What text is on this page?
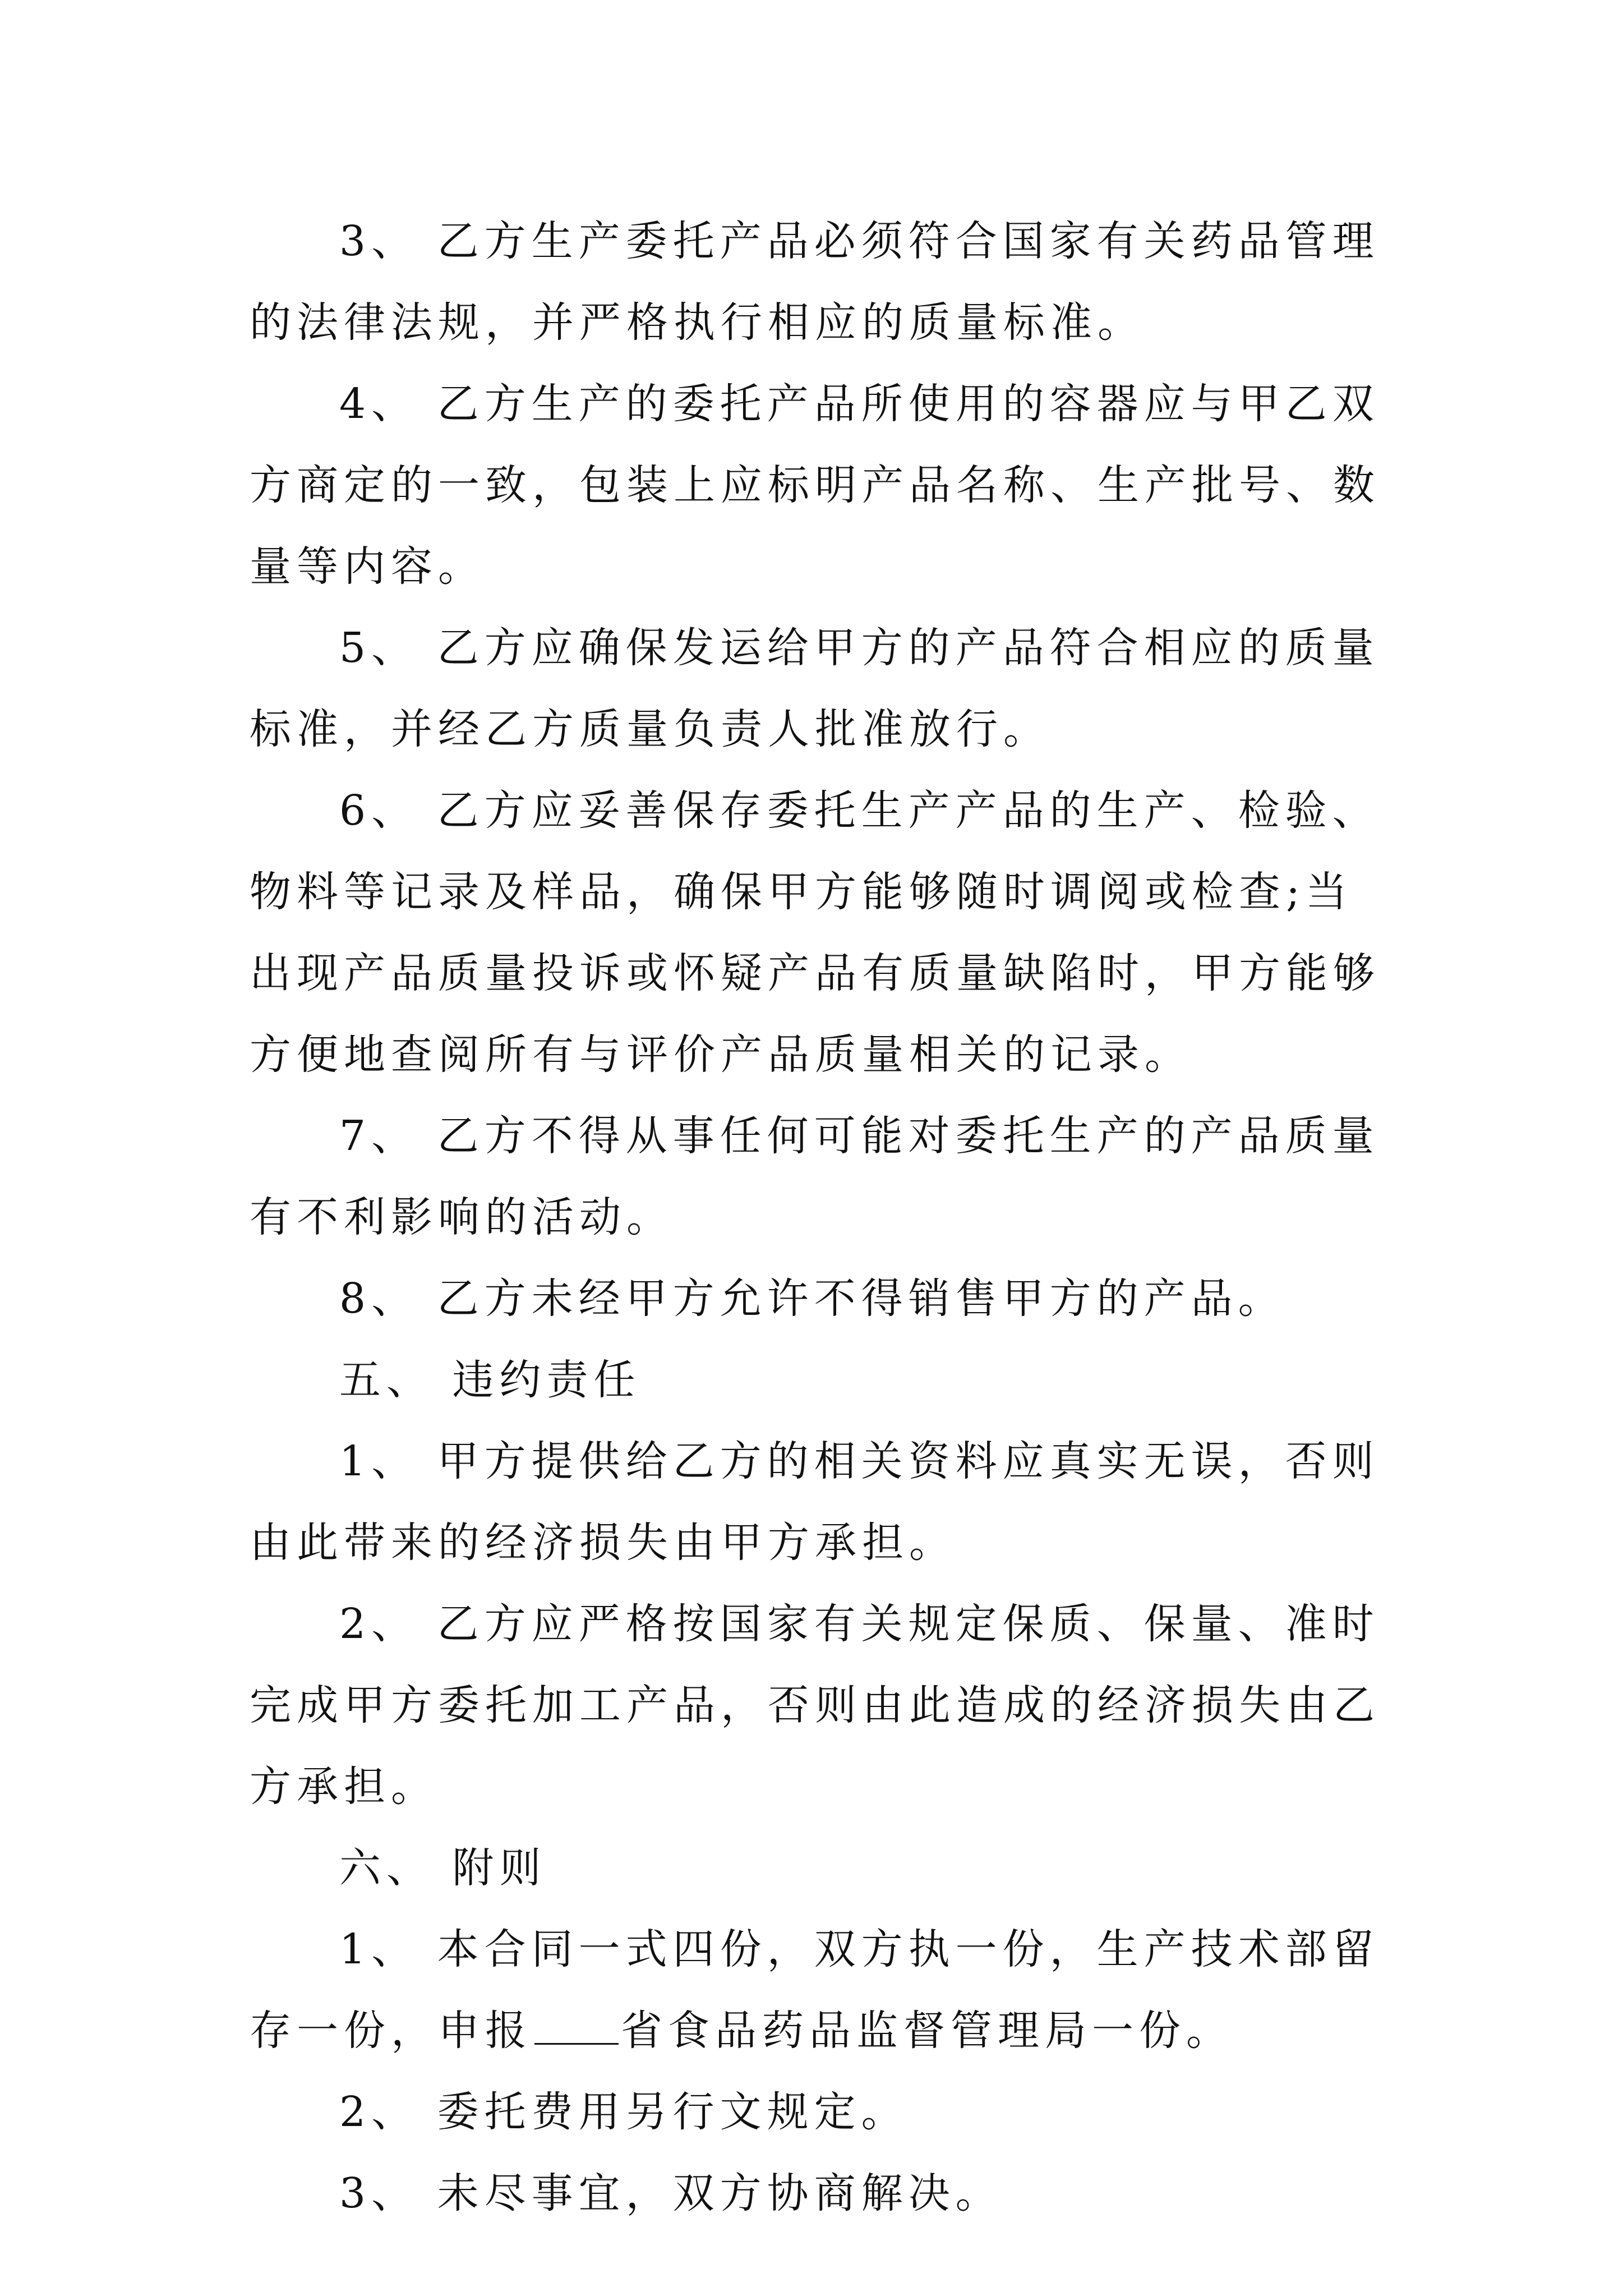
3、 乙方生产委托产品必须符合国家有关药品管理的法律法规，并严格执行相应的质量标准。

4、 乙方生产的委托产品所使用的容器应与甲乙双方商定的一致，包装上应标明产品名称、生产批号、数量等内容。

5、 乙方应确保发运给甲方的产品符合相应的质量标准，并经乙方质量负责人批准放行。

6、 乙方应妥善保存委托生产产品的生产、检验、物料等记录及样品，确保甲方能够随时调阅或检查;当出现产品质量投诉或怀疑产品有质量缺陷时，甲方能够方便地查阅所有与评价产品质量相关的记录。

7、 乙方不得从事任何可能对委托生产的产品质量有不利影响的活动。

8、 乙方未经甲方允许不得销售甲方的产品。

五、 违约责任

1、 甲方提供给乙方的相关资料应真实无误，否则由此带来的经济损失由甲方承担。

2、 乙方应严格按国家有关规定保质、保量、准时完成甲方委托加工产品，否则由此造成的经济损失由乙方承担。

六、 附则

1、 本合同一式四份，双方执一份，生产技术部留存一份，申报 省食品药品监督管理局一份。

2、 委托费用另行文规定。

3、 未尽事宜，双方协商解决。
